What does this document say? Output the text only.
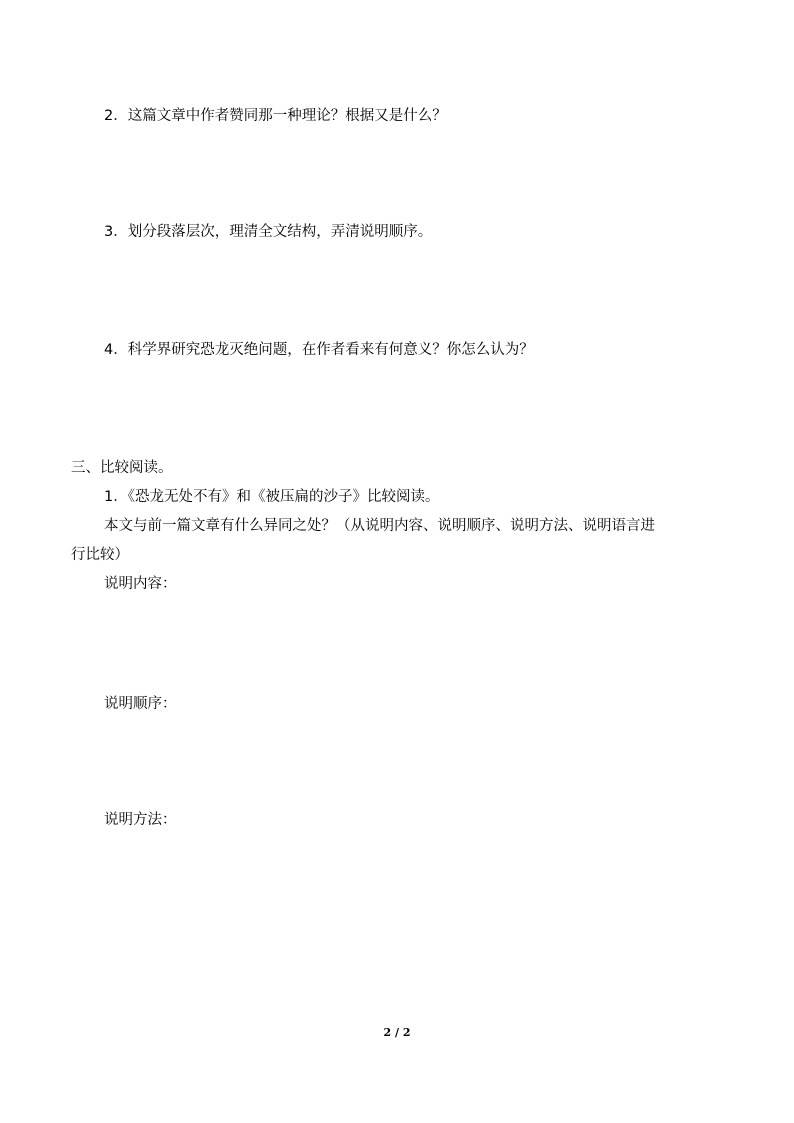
2．这篇文章中作者赞同那一种理论？根据又是什么？
3．划分段落层次，理清全文结构，弄清说明顺序。
4．科学界研究恐龙灭绝问题，在作者看来有何意义？你怎么认为？
三、比较阅读。
1．《恐龙无处不有》和《被压扁的沙子》比较阅读。
本文与前一篇文章有什么异同之处？（从说明内容、说明顺序、说明方法、说明语言进
行比较）
说明内容：
说明顺序：
说明方法：
2 / 2
